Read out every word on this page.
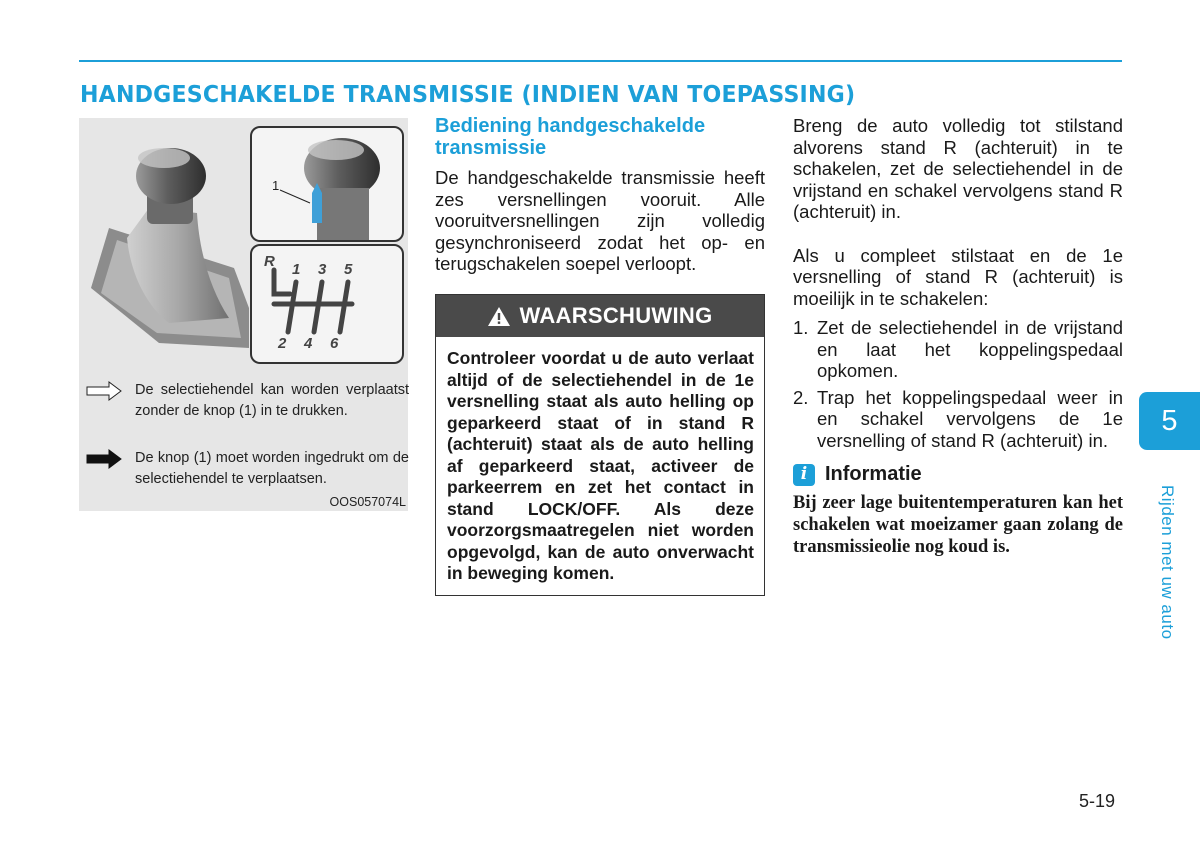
HANDGESCHAKELDE TRANSMISSIE (INDIEN VAN TOEPASSING)
1
R 1 3 5
2 4 6
De selectiehendel kan worden verplaatst zonder de knop (1) in te drukken.
De knop (1) moet worden ingedrukt om de selectiehendel te verplaatsen.
OOS057074L
Bediening handgeschakelde transmissie
De handgeschakelde transmissie heeft zes versnellingen vooruit. Alle vooruitversnellingen zijn volledig gesynchroniseerd zodat het op- en terugschakelen soepel verloopt.
WAARSCHUWING
Controleer voordat u de auto verlaat altijd of de selectiehendel in de 1e versnelling staat als auto helling op geparkeerd staat of in stand R (achteruit) staat als de auto helling af geparkeerd staat, activeer de parkeerrem en zet het contact in stand LOCK/OFF. Als deze voorzorgsmaatregelen niet worden opgevolgd, kan de auto onverwacht in beweging komen.

Breng de auto volledig tot stilstand alvorens stand R (achteruit) in te schakelen, zet de selectiehendel in de vrijstand en schakel vervolgens stand R (achteruit) in.

Als u compleet stilstaat en de 1e versnelling of stand R (achteruit) is moeilijk in te schakelen:

1. Zet de selectiehendel in de vrijstand en laat het koppelingspedaal opkomen.
2. Trap het koppelingspedaal weer in en schakel vervolgens de 1e versnelling of stand R (achteruit) in.
i Informatie
Bij zeer lage buitentemperaturen kan het schakelen wat moeizamer gaan zolang de transmissieolie nog koud is.
5
Rijden met uw auto
5-19
